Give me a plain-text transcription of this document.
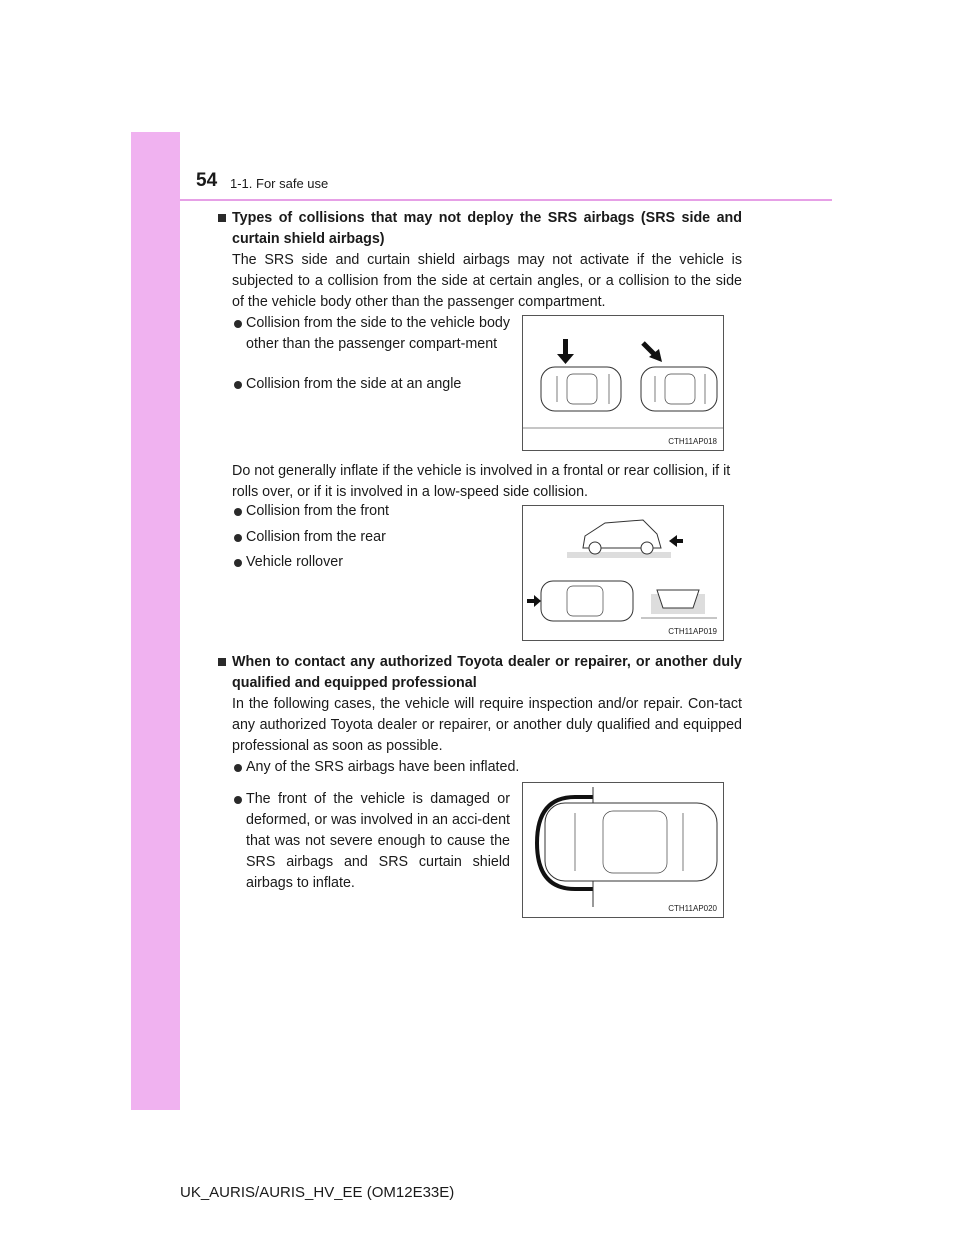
54 1-1. For safe use
Types of collisions that may not deploy the SRS airbags (SRS side and curtain shield airbags)
The SRS side and curtain shield airbags may not activate if the vehicle is subjected to a collision from the side at certain angles, or a collision to the side of the vehicle body other than the passenger compartment.
Collision from the side to the vehicle body other than the passenger compart-ment
Collision from the side at an angle
CTH11AP018
Do not generally inflate if the vehicle is involved in a frontal or rear collision, if it rolls over, or if it is involved in a low-speed side collision.
Collision from the front
Collision from the rear
Vehicle rollover
CTH11AP019
When to contact any authorized Toyota dealer or repairer, or another duly qualified and equipped professional
In the following cases, the vehicle will require inspection and/or repair. Con-tact any authorized Toyota dealer or repairer, or another duly qualified and equipped professional as soon as possible.
Any of the SRS airbags have been inflated.
The front of the vehicle is damaged or deformed, or was involved in an acci-dent that was not severe enough to cause the SRS airbags and SRS curtain shield airbags to inflate.
CTH11AP020
UK_AURIS/AURIS_HV_EE (OM12E33E)
